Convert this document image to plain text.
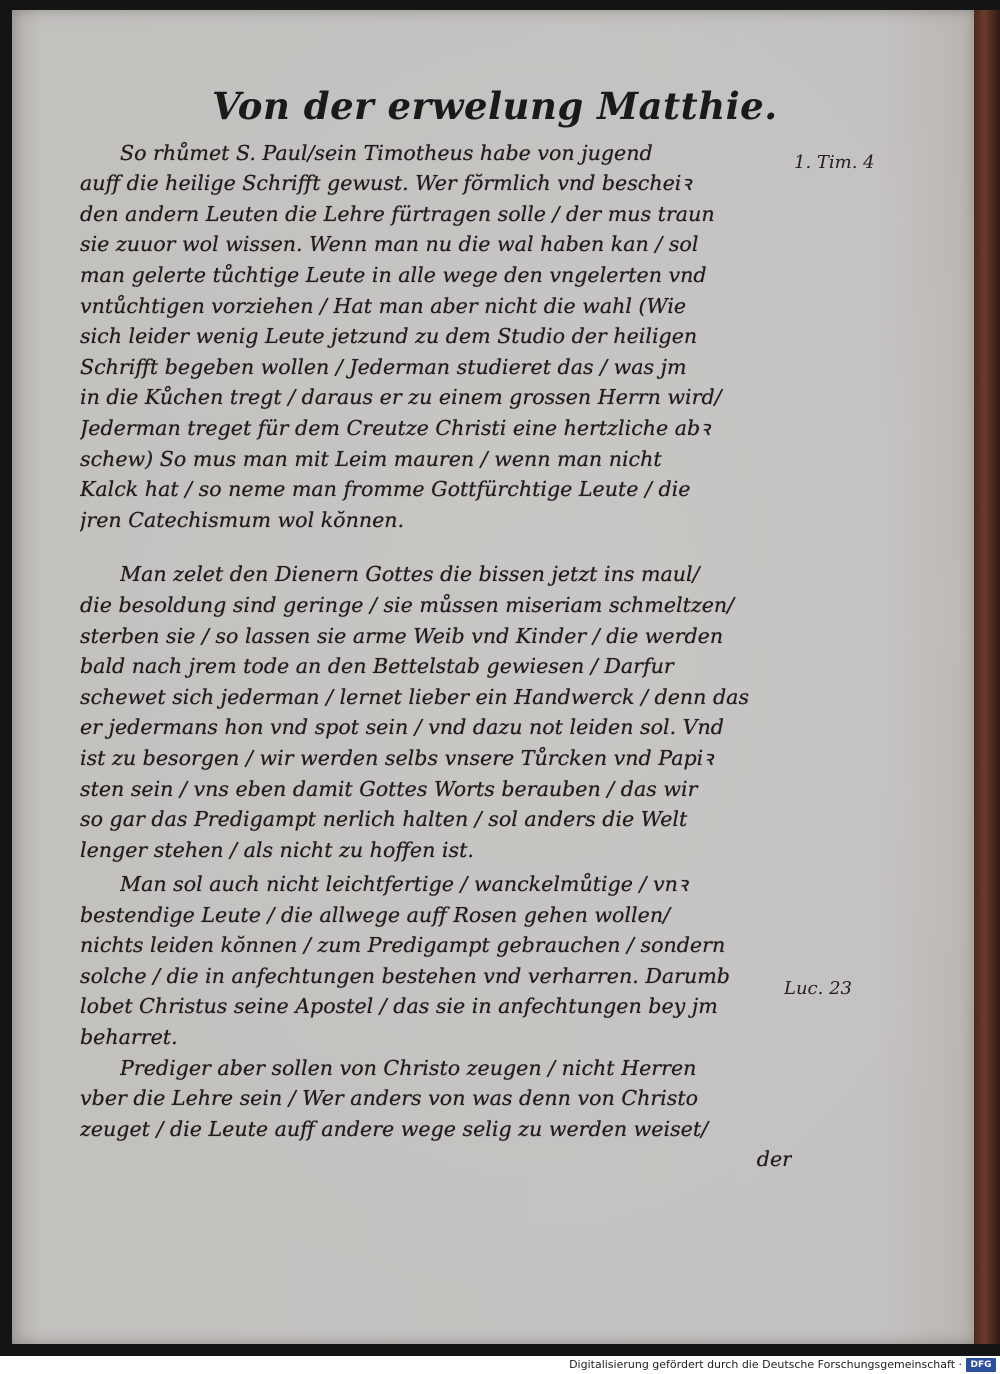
Von der erwelung Matthie.
1. Tim. 4
Luc. 23
So rhůmet S. Paul/sein Timotheus habe von jugend
auff die heilige Schrifft gewust. Wer fŏrmlich vnd bescheiꝛ
den andern Leuten die Lehre fürtragen solle / der mus traun
sie zuuor wol wissen. Wenn man nu die wal haben kan / sol
man gelerte tůchtige Leute in alle wege den vngelerten vnd
vntůchtigen vorziehen / Hat man aber nicht die wahl (Wie
sich leider wenig Leute jetzund zu dem Studio der heiligen
Schrifft begeben wollen / Jederman studieret das / was jm
in die Kůchen tregt / daraus er zu einem grossen Herrn wird/
Jederman treget für dem Creutze Christi eine hertzliche abꝛ
schew) So mus man mit Leim mauren / wenn man nicht
Kalck hat / so neme man fromme Gottfürchtige Leute / die
jren Catechismum wol kŏnnen.
Man zelet den Dienern Gottes die bissen jetzt ins maul/
die besoldung sind geringe / sie můssen miseriam schmeltzen/
sterben sie / so lassen sie arme Weib vnd Kinder / die werden
bald nach jrem tode an den Bettelstab gewiesen / Darfur
schewet sich jederman / lernet lieber ein Handwerck / denn das
er jedermans hon vnd spot sein / vnd dazu not leiden sol. Vnd
ist zu besorgen / wir werden selbs vnsere Tůrcken vnd Papiꝛ
sten sein / vns eben damit Gottes Worts berauben / das wir
so gar das Predigampt nerlich halten / sol anders die Welt
lenger stehen / als nicht zu hoffen ist.
Man sol auch nicht leichtfertige / wanckelmůtige / vnꝛ
bestendige Leute / die allwege auff Rosen gehen wollen/
nichts leiden kŏnnen / zum Predigampt gebrauchen / sondern
solche / die in anfechtungen bestehen vnd verharren. Darumb
lobet Christus seine Apostel / das sie in anfechtungen bey jm
beharret.
Prediger aber sollen von Christo zeugen / nicht Herren
vber die Lehre sein / Wer anders von was denn von Christo
zeuget / die Leute auff andere wege selig zu werden weiset/
der
Digitalisierung gefördert durch die Deutsche Forschungsgemeinschaft · DFG
